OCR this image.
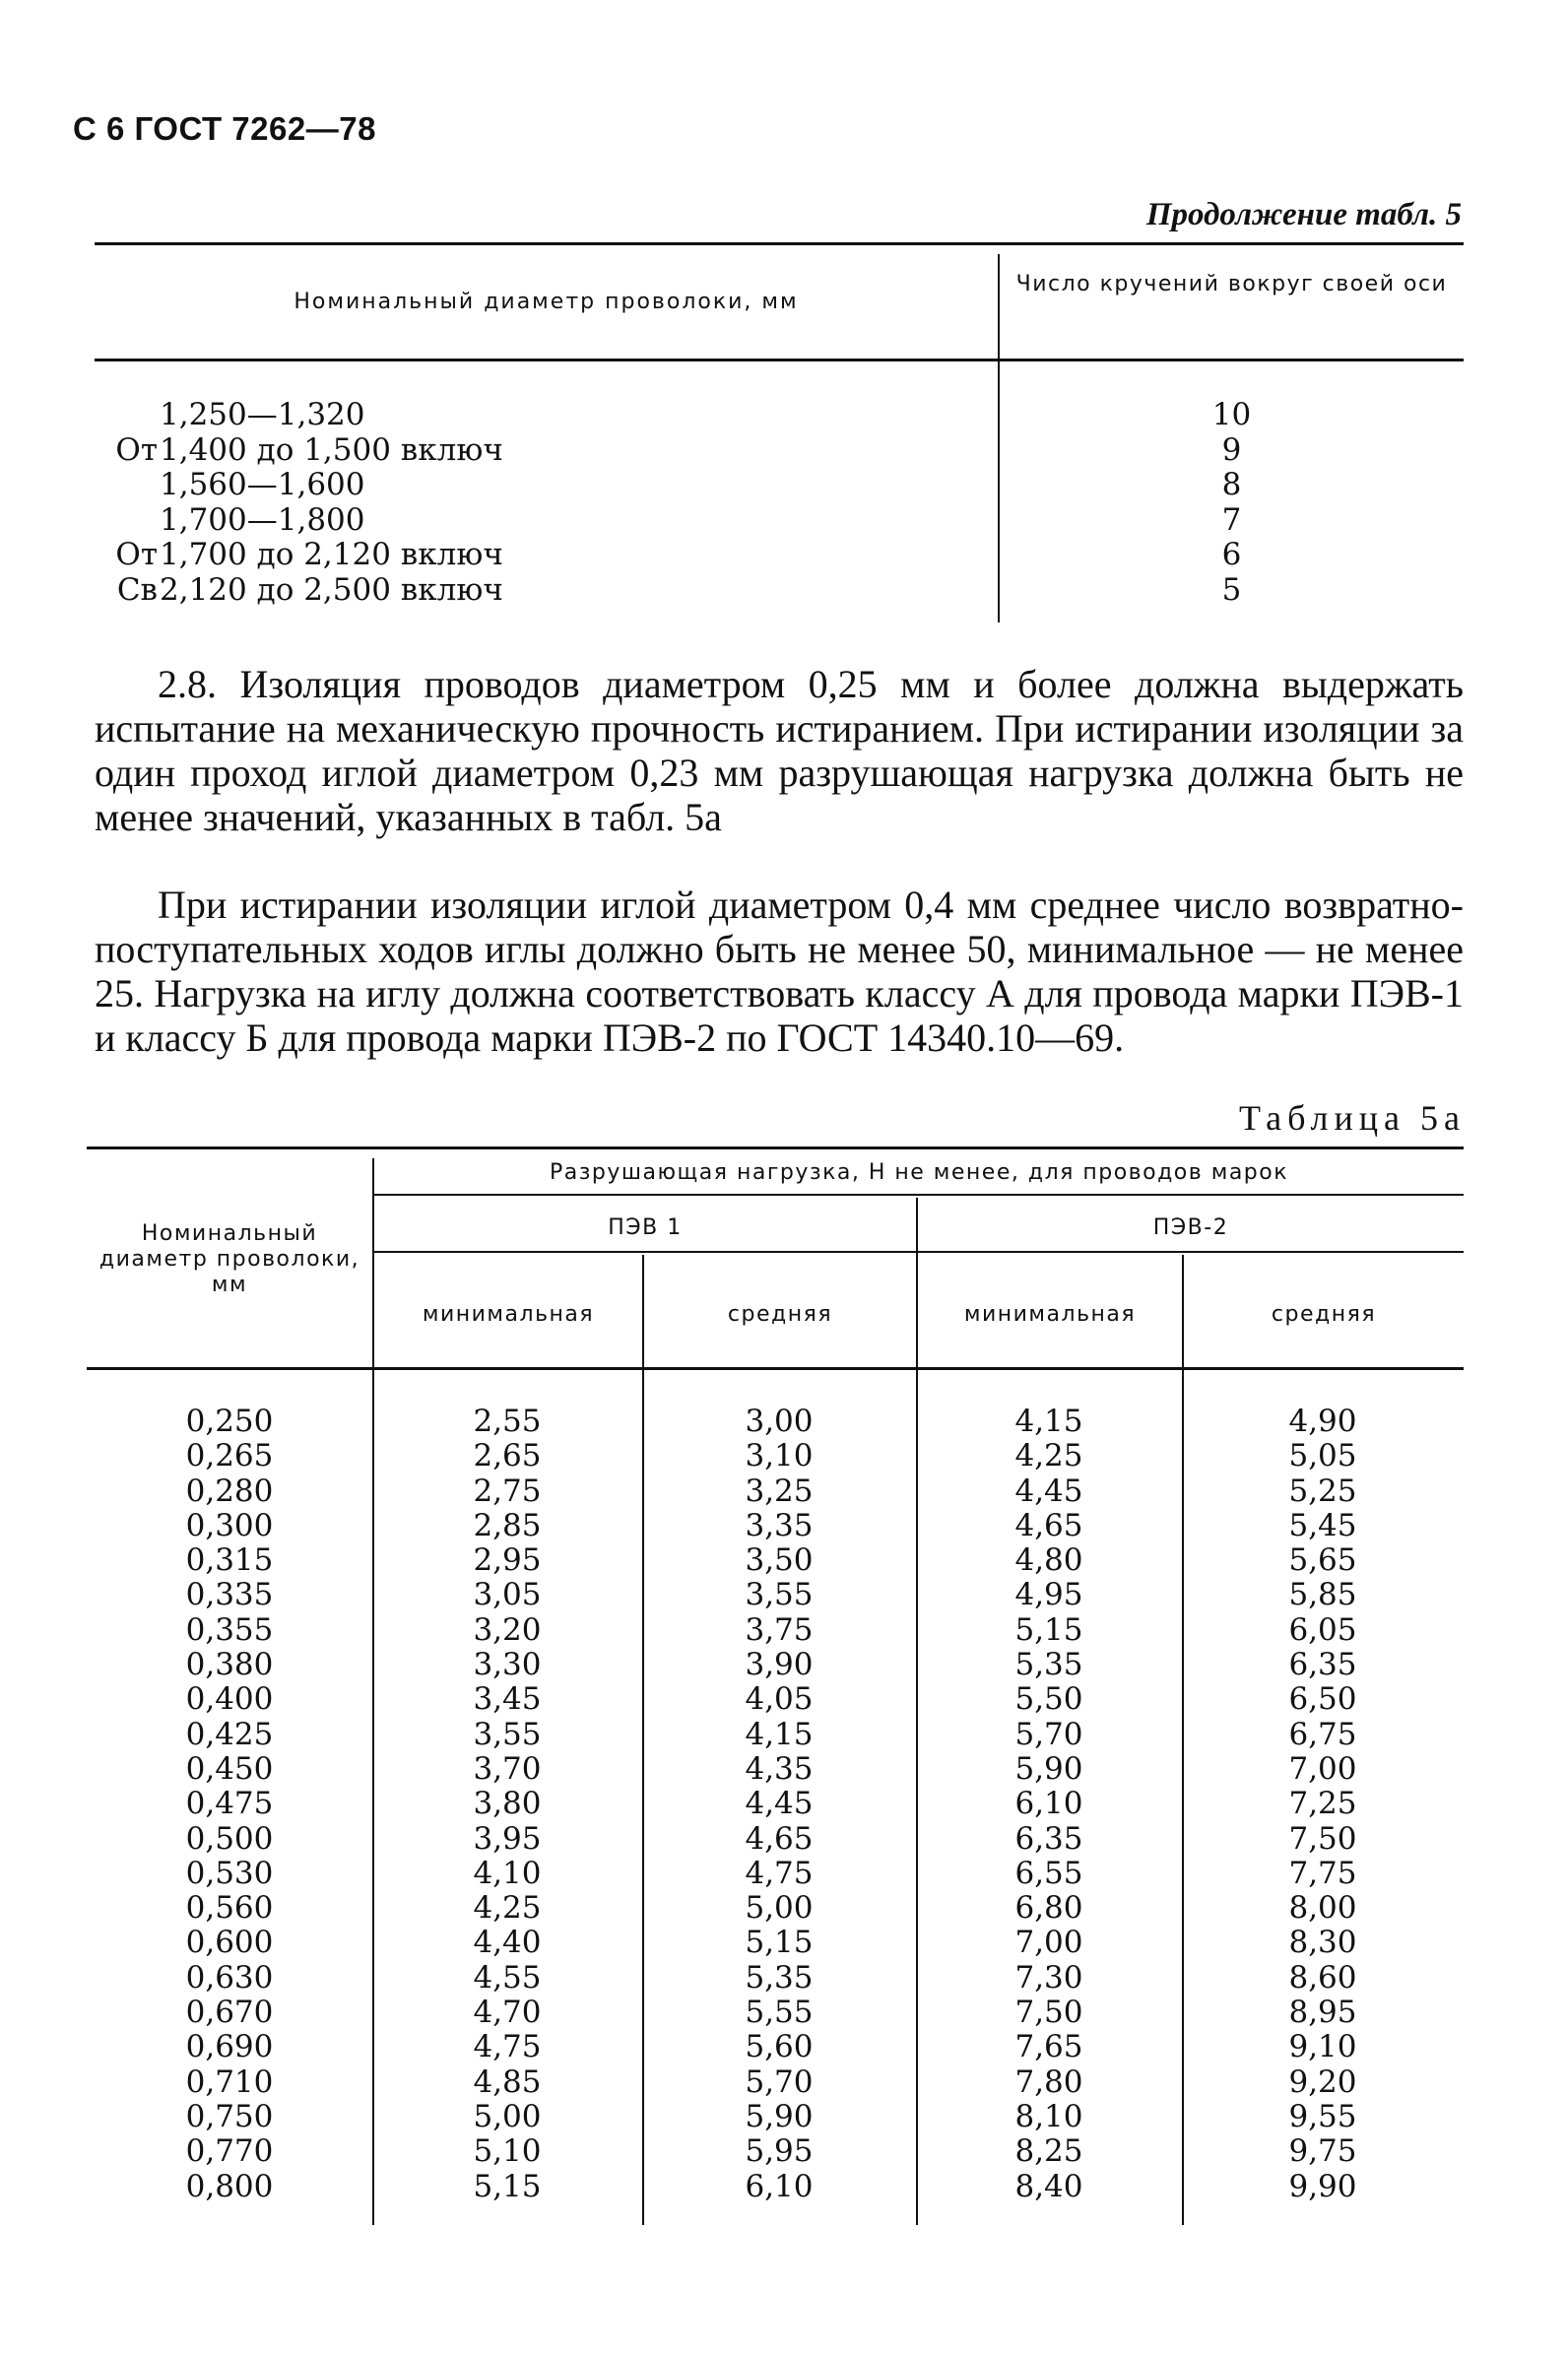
С 6 ГОСТ 7262—78
Продолжение табл. 5
Номинальный диаметр проволоки, мм
Число кручений вокруг своей оси
1,250—1,320	10
От 1,400 до 1,500 включ	9
1,560—1,600	8
1,700—1,800	7
От 1,700 до 2,120 включ	6
Св 2,120 до 2,500 включ	5

2.8. Изоляция проводов диаметром 0,25 мм и более должна выдержать испытание на механическую прочность истиранием. При истирании изоляции за один проход иглой диаметром 0,23 мм разрушающая нагрузка должна быть не менее значений, указанных в табл. 5а

При истирании изоляции иглой диаметром 0,4 мм среднее число возвратно-поступательных ходов иглы должно быть не менее 50, минимальное — не менее 25. Нагрузка на иглу должна соответствовать классу А для провода марки ПЭВ-1 и классу Б для провода марки ПЭВ-2 по ГОСТ 14340.10—69.

Таблица 5а
Номинальный диаметр проволоки, мм
Разрушающая нагрузка, Н не менее, для проводов марок
ПЭВ 1	ПЭВ-2
минимальная	средняя	минимальная	средняя
0,250	2,55	3,00	4,15	4,90
0,265	2,65	3,10	4,25	5,05
0,280	2,75	3,25	4,45	5,25
0,300	2,85	3,35	4,65	5,45
0,315	2,95	3,50	4,80	5,65
0,335	3,05	3,55	4,95	5,85
0,355	3,20	3,75	5,15	6,05
0,380	3,30	3,90	5,35	6,35
0,400	3,45	4,05	5,50	6,50
0,425	3,55	4,15	5,70	6,75
0,450	3,70	4,35	5,90	7,00
0,475	3,80	4,45	6,10	7,25
0,500	3,95	4,65	6,35	7,50
0,530	4,10	4,75	6,55	7,75
0,560	4,25	5,00	6,80	8,00
0,600	4,40	5,15	7,00	8,30
0,630	4,55	5,35	7,30	8,60
0,670	4,70	5,55	7,50	8,95
0,690	4,75	5,60	7,65	9,10
0,710	4,85	5,70	7,80	9,20
0,750	5,00	5,90	8,10	9,55
0,770	5,10	5,95	8,25	9,75
0,800	5,15	6,10	8,40	9,90
